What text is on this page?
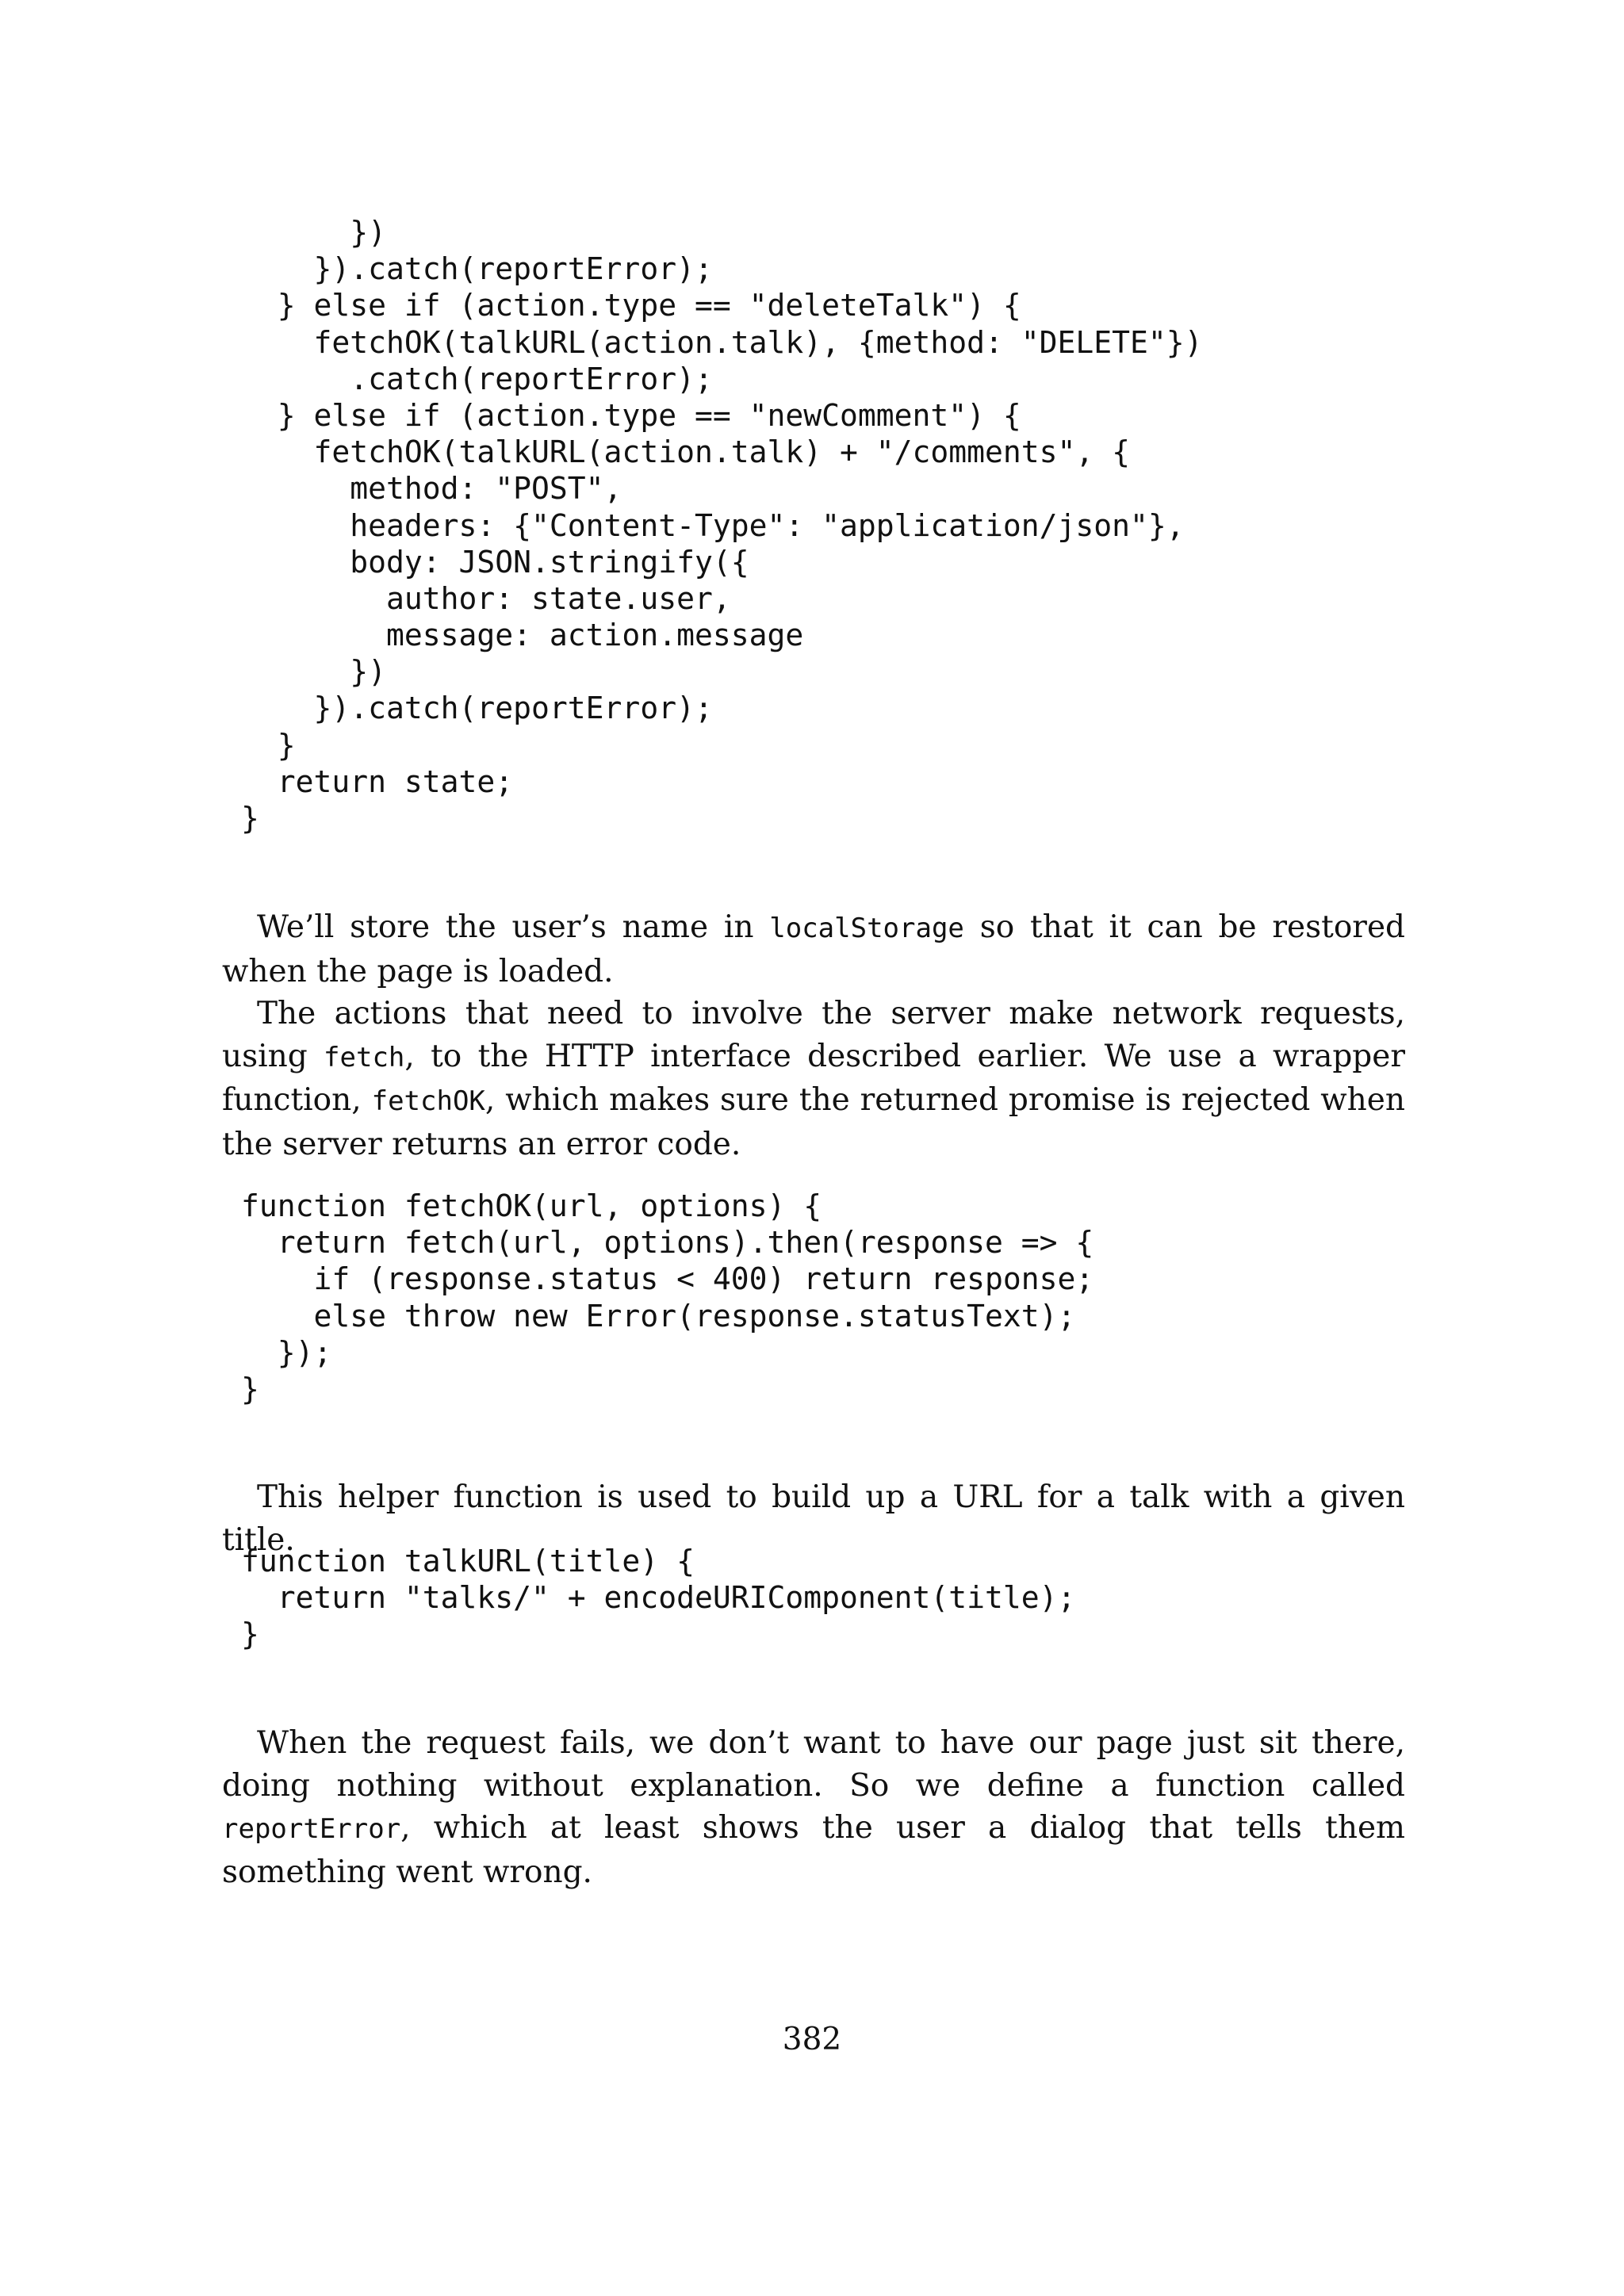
})
}).catch(reportError);
} else if (action.type == "deleteTalk") {
fetchOK(talkURL(action.talk), {method: "DELETE"})
.catch(reportError);
} else if (action.type == "newComment") {
fetchOK(talkURL(action.talk) + "/comments", {
method: "POST",
headers: {"Content-Type": "application/json"},
body: JSON.stringify({
author: state.user,
message: action.message
})
}).catch(reportError);
}
return state;
}

We’ll store the user’s name in localStorage so that it can be restored when the page is loaded.

The actions that need to involve the server make network requests, using fetch, to the HTTP interface described earlier. We use a wrapper function, fetchOK, which makes sure the returned promise is rejected when the server returns an error code.

function fetchOK(url, options) {
return fetch(url, options).then(response => {
if (response.status < 400) return response;
else throw new Error(response.statusText);
});
}

This helper function is used to build up a URL for a talk with a given title.

function talkURL(title) {
return "talks/" + encodeURIComponent(title);
}

When the request fails, we don’t want to have our page just sit there, doing nothing without explanation. So we define a function called reportError, which at least shows the user a dialog that tells them something went wrong.

382
